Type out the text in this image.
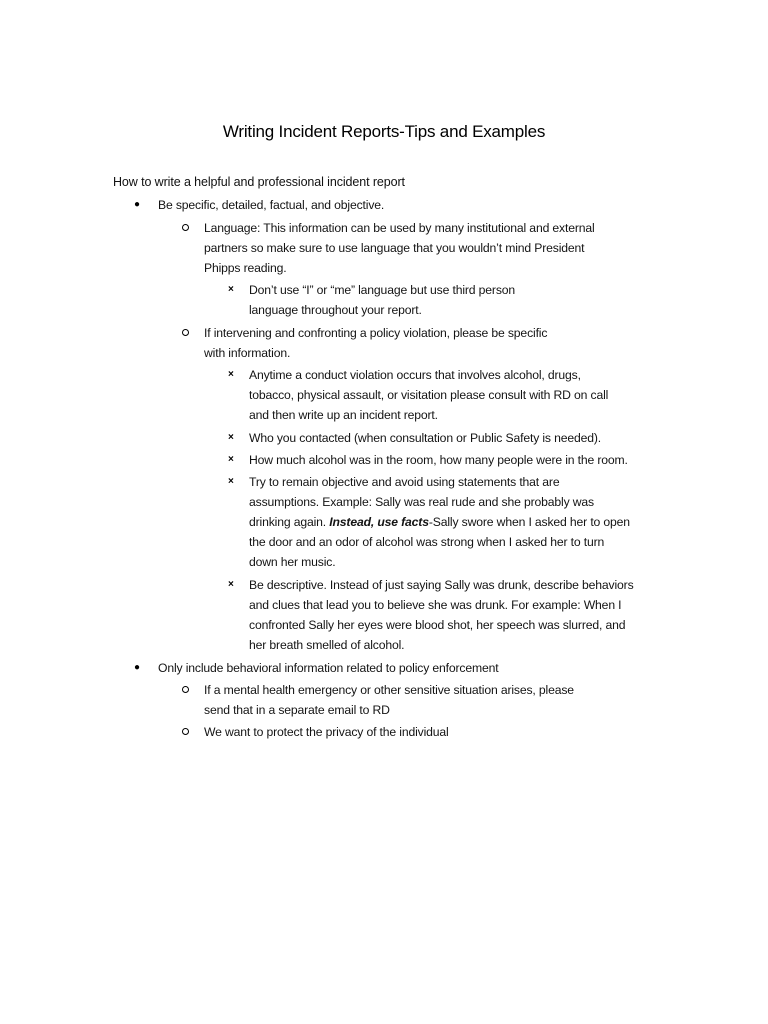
Writing Incident Reports-Tips and Examples
How to write a helpful and professional incident report
● Be specific, detailed, factual, and objective.
Language: This information can be used by many institutional and external
partners so make sure to use language that you wouldn’t mind President
Phipps reading.
× Don’t use “I” or “me” language but use third person
language throughout your report.
If intervening and confronting a policy violation, please be specific
with information.
× Anytime a conduct violation occurs that involves alcohol, drugs,
tobacco, physical assault, or visitation please consult with RD on call
and then write up an incident report.
× Who you contacted (when consultation or Public Safety is needed).
× How much alcohol was in the room, how many people were in the room.
× Try to remain objective and avoid using statements that are
assumptions. Example: Sally was real rude and she probably was
drinking again. Instead, use facts-Sally swore when I asked her to open
the door and an odor of alcohol was strong when I asked her to turn
down her music.
× Be descriptive. Instead of just saying Sally was drunk, describe behaviors
and clues that lead you to believe she was drunk. For example: When I
confronted Sally her eyes were blood shot, her speech was slurred, and
her breath smelled of alcohol.
● Only include behavioral information related to policy enforcement
If a mental health emergency or other sensitive situation arises, please
send that in a separate email to RD
We want to protect the privacy of the individual
